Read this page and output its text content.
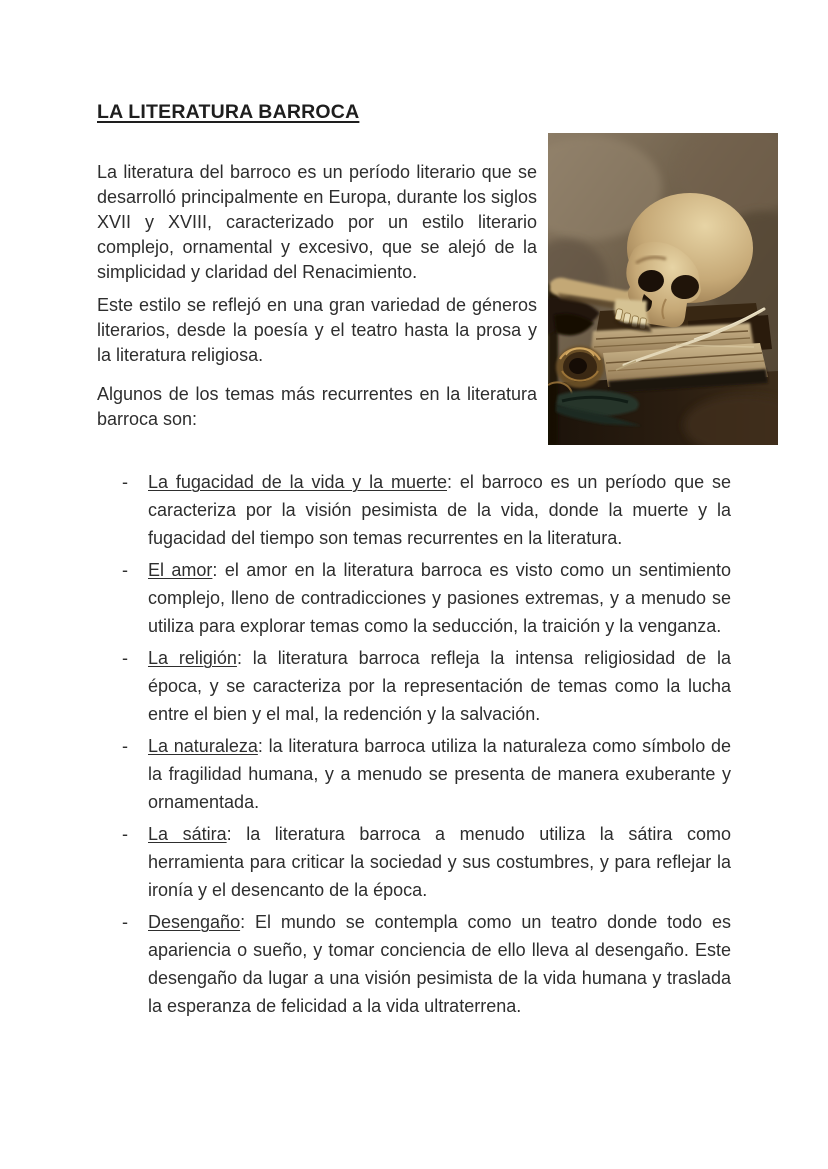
LA LITERATURA BARROCA

La literatura del barroco es un período literario que se desarrolló principalmente en Europa, durante los siglos XVII y XVIII, caracterizado por un estilo literario complejo, ornamental y excesivo, que se alejó de la simplicidad y claridad del Renacimiento.

Este estilo se reflejó en una gran variedad de géneros literarios, desde la poesía y el teatro hasta la prosa y la literatura religiosa.

Algunos de los temas más recurrentes en la literatura barroca son:

- La fugacidad de la vida y la muerte: el barroco es un período que se caracteriza por la visión pesimista de la vida, donde la muerte y la fugacidad del tiempo son temas recurrentes en la literatura.
- El amor: el amor en la literatura barroca es visto como un sentimiento complejo, lleno de contradicciones y pasiones extremas, y a menudo se utiliza para explorar temas como la seducción, la traición y la venganza.
- La religión: la literatura barroca refleja la intensa religiosidad de la época, y se caracteriza por la representación de temas como la lucha entre el bien y el mal, la redención y la salvación.
- La naturaleza: la literatura barroca utiliza la naturaleza como símbolo de la fragilidad humana, y a menudo se presenta de manera exuberante y ornamentada.
- La sátira: la literatura barroca a menudo utiliza la sátira como herramienta para criticar la sociedad y sus costumbres, y para reflejar la ironía y el desencanto de la época.
- Desengaño: El mundo se contempla como un teatro donde todo es apariencia o sueño, y tomar conciencia de ello lleva al desengaño. Este desengaño da lugar a una visión pesimista de la vida humana y traslada la esperanza de felicidad a la vida ultraterrena.
